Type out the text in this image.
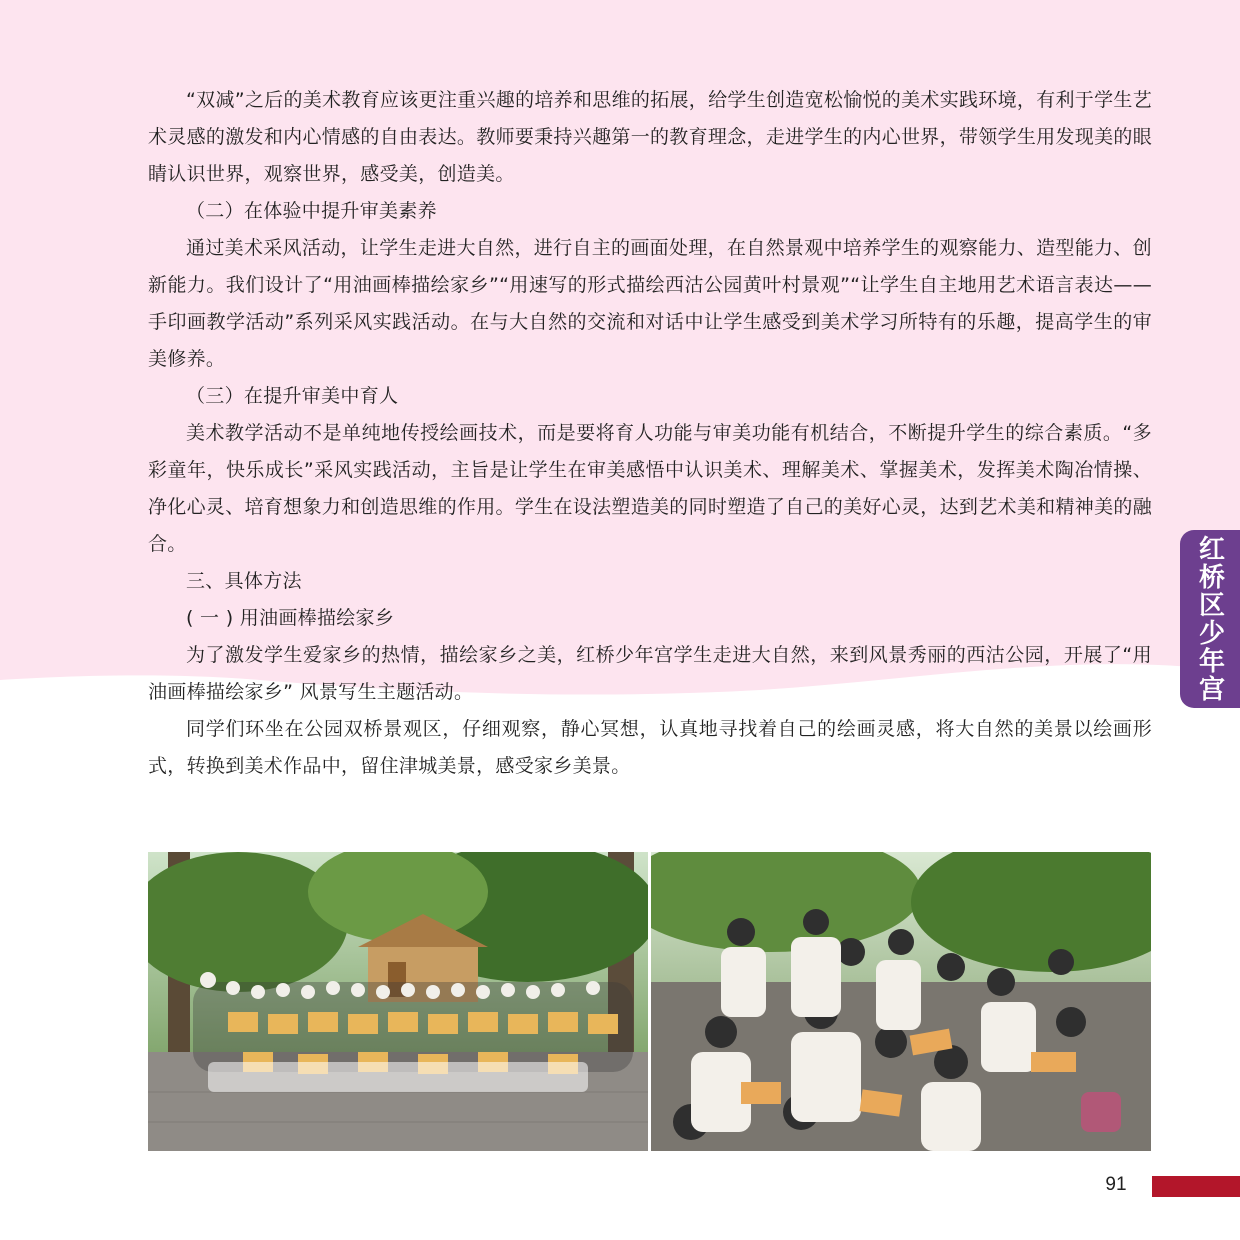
“双减”之后的美术教育应该更注重兴趣的培养和思维的拓展，给学生创造宽松愉悦的美术实践环境，有利于学生艺术灵感的激发和内心情感的自由表达。教师要秉持兴趣第一的教育理念，走进学生的内心世界，带领学生用发现美的眼睛认识世界，观察世界，感受美，创造美。

（二）在体验中提升审美素养

通过美术采风活动，让学生走进大自然，进行自主的画面处理，在自然景观中培养学生的观察能力、造型能力、创新能力。我们设计了“用油画棒描绘家乡”“用速写的形式描绘西沽公园黄叶村景观”“让学生自主地用艺术语言表达——手印画教学活动”系列采风实践活动。在与大自然的交流和对话中让学生感受到美术学习所特有的乐趣，提高学生的审美修养。

（三）在提升审美中育人

美术教学活动不是单纯地传授绘画技术，而是要将育人功能与审美功能有机结合，不断提升学生的综合素质。“多彩童年，快乐成长”采风实践活动，主旨是让学生在审美感悟中认识美术、理解美术、掌握美术，发挥美术陶冶情操、净化心灵、培育想象力和创造思维的作用。学生在设法塑造美的同时塑造了自己的美好心灵，达到艺术美和精神美的融合。

三、具体方法

( 一 ) 用油画棒描绘家乡

为了激发学生爱家乡的热情，描绘家乡之美，红桥少年宫学生走进大自然，来到风景秀丽的西沽公园，开展了“用油画棒描绘家乡” 风景写生主题活动。

同学们环坐在公园双桥景观区，仔细观察，静心冥想，认真地寻找着自己的绘画灵感，将大自然的美景以绘画形式，转换到美术作品中，留住津城美景，感受家乡美景。

红桥区少年宫
91
